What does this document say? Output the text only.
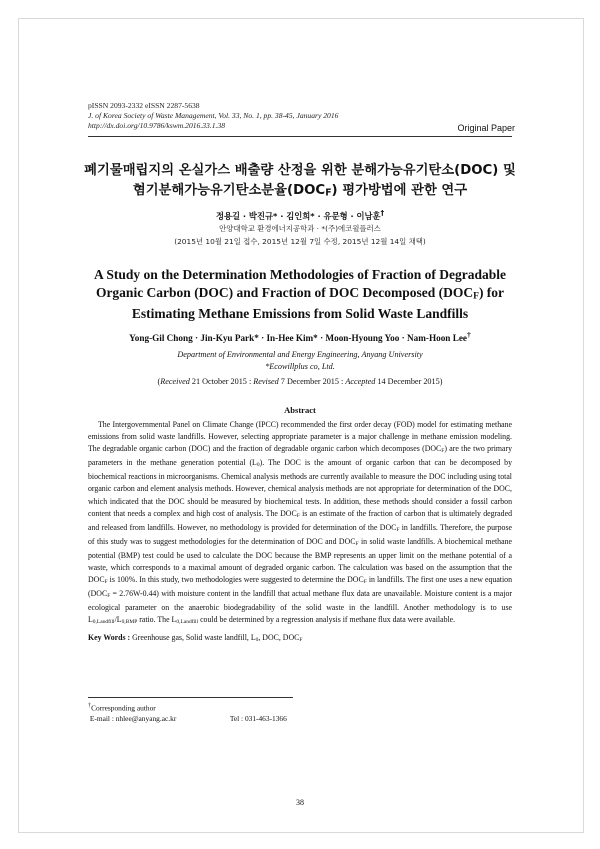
pISSN 2093-2332 eISSN 2287-5638
J. of Korea Society of Waste Management, Vol. 33, No. 1, pp. 38-45, January 2016
http://dx.doi.org/10.9786/kswm.2016.33.1.38	Original Paper
폐기물매립지의 온실가스 배출량 산정을 위한 분해가능유기탄소(DOC) 및
혐기분해가능유기탄소분율(DOCF) 평가방법에 관한 연구
정용길 · 박진규* · 김인희* · 유문형 · 이남훈†
안양대학교 환경에너지공학과 · *(주)에코윌플러스
(2015년 10월 21일 접수, 2015년 12월 7일 수정, 2015년 12월 14일 채택)
A Study on the Determination Methodologies of Fraction of Degradable
Organic Carbon (DOC) and Fraction of DOC Decomposed (DOCF) for
Estimating Methane Emissions from Solid Waste Landfills
Yong-Gil Chong · Jin-Kyu Park* · In-Hee Kim* · Moon-Hyoung Yoo · Nam-Hoon Lee†
Department of Environmental and Energy Engineering, Anyang University
*Ecowillplus co, Ltd.
(Received 21 October 2015 : Revised 7 December 2015 : Accepted 14 December 2015)
Abstract

The Intergovernmental Panel on Climate Change (IPCC) recommended the first order decay (FOD) model for estimating methane emissions from solid waste landfills. However, selecting appropriate parameter is a major challenge in methane emission modeling. The degradable organic carbon (DOC) and the fraction of degradable organic carbon which decomposes (DOCF) are the two primary parameters in the methane generation potential (L0). The DOC is the amount of organic carbon that can be decomposed by biochemical reactions in microorganisms. Chemical analysis methods are currently available to measure the DOC including using total organic carbon and element analysis methods. However, chemical analysis methods are not appropriate for determination of the DOC, which indicated that the DOC should be measured by biochemical tests. In addition, these methods should consider a fossil carbon content that needs a complex and high cost of analysis. The DOCF is an estimate of the fraction of carbon that is ultimately degraded and released from landfills. However, no methodology is provided for determination of the DOCF in landfills. Therefore, the purpose of this study was to suggest methodologies for the determination of DOC and DOCF in solid waste landfills. A biochemical methane potential (BMP) test could be used to calculate the DOC because the BMP represents an upper limit on the methane potential of a waste, which corresponds to a maximal amount of degraded organic carbon. The calculation was based on the assumption that the DOCF is 100%. In this study, two methodologies were suggested to determine the DOCF in landfills. The first one uses a new equation (DOCF = 2.76W-0.44) with moisture content in the landfill that actual methane flux data are unavailable. Moisture content is a major ecological parameter on the anaerobic biodegradability of the solid waste in the landfill. Another methodology is to use L0,Landfill/L0,BMP ratio. The L0,Landfill could be determined by a regression analysis if methane flux data were available.

Key Words : Greenhouse gas, Solid waste landfill, L0, DOC, DOCF
†Corresponding author
E-mail : nhlee@anyang.ac.kr	Tel : 031-463-1366
38
